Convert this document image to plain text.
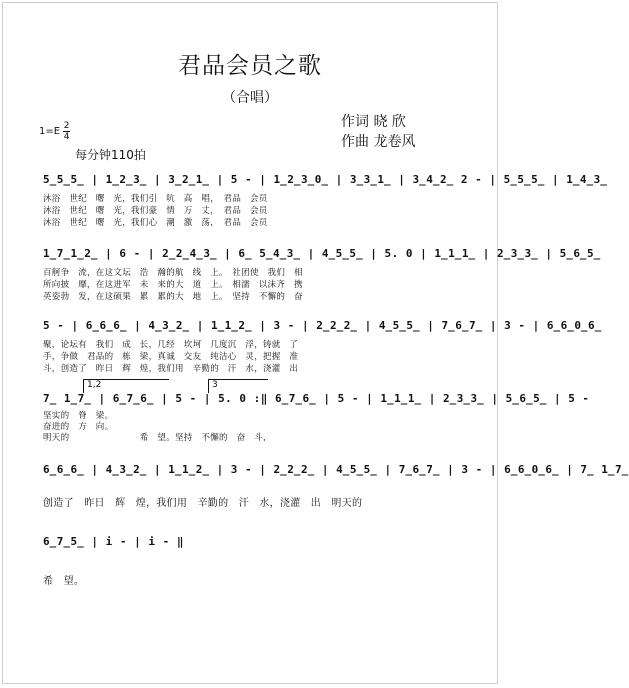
君品会员之歌
（合唱）
作词 晓 欣
作曲 龙卷风
$1=E \frac{2}{4}$
每分钟110拍
5̲5̲5̲ | 1̲2̲3̲ | 3̲2̲1̲ | 5 - | 1̲2̲3̲0̲ | 3̲3̲1̲ | 3̲4̲2̲ 2 - | 5̲5̲5̲ | 1̲4̲3̲
沐浴　世纪　曙　光，我们引　吭　高　唱，　君品　会员
沐浴　世纪　曙　光，我们豪　情　万　丈，　君品　会员
沐浴　世纪　曙　光，我们心　潮　激　荡，　君品　会员
1̲7̲1̲2̲ | 6 - | 2̲2̲4̲3̲ | 6̲ 5̲4̲3̲ | 4̲5̲5̲ | 5. 0 | 1̲1̲1̲ | 2̲3̲3̲ | 5̲6̲5̲
百舸争　流，在这文坛　浩　瀚的航　线　上。　社团使　我们　相
所向披　靡，在这进军　未　来的大　道　上。　相濡　以沫齐　携
英姿勃　发，在这硕果　累　累的大　地　上。　坚持　不懈的　奋
5 - | 6̲6̲6̲ | 4̲3̲2̲ | 1̲1̲2̲ | 3 - | 2̲2̲2̲ | 4̲5̲5̲ | 7̲6̲7̲ | 3 - | 6̲6̲0̲6̲
聚，论坛有　我们　成　长，几经　坎坷　几度沉　浮，铸就　了
手，争做　君品的　栋　梁，真诚　交友　纯洁心　灵，把握　准
斗，创造了　昨日　辉　煌，我们用　辛勤的　汗　水，浇灌　出
1,2	3
7̲ 1̲7̲ | 6̲7̲6̲ | 5 - | 5. 0 :‖ 6̲7̲6̲ | 5 - | 1̲1̲1̲ | 2̲3̲3̲ | 5̲6̲5̲ | 5 -
坚实的　脊　梁。
奋进的　方　向。
明天的　　　　　　　　希　望。坚持　不懈的　奋　斗，
6̲6̲6̲ | 4̲3̲2̲ | 1̲1̲2̲ | 3 - | 2̲2̲2̲ | 4̲5̲5̲ | 7̲6̲7̲ | 3 - | 6̲6̲0̲6̲ | 7̲ 1̲7̲
创造了　昨日　辉　煌，我们用　辛勤的　汗　水，浇灌　出　明天的
6̲7̲5̲ | i - | i - ‖
希　望。
